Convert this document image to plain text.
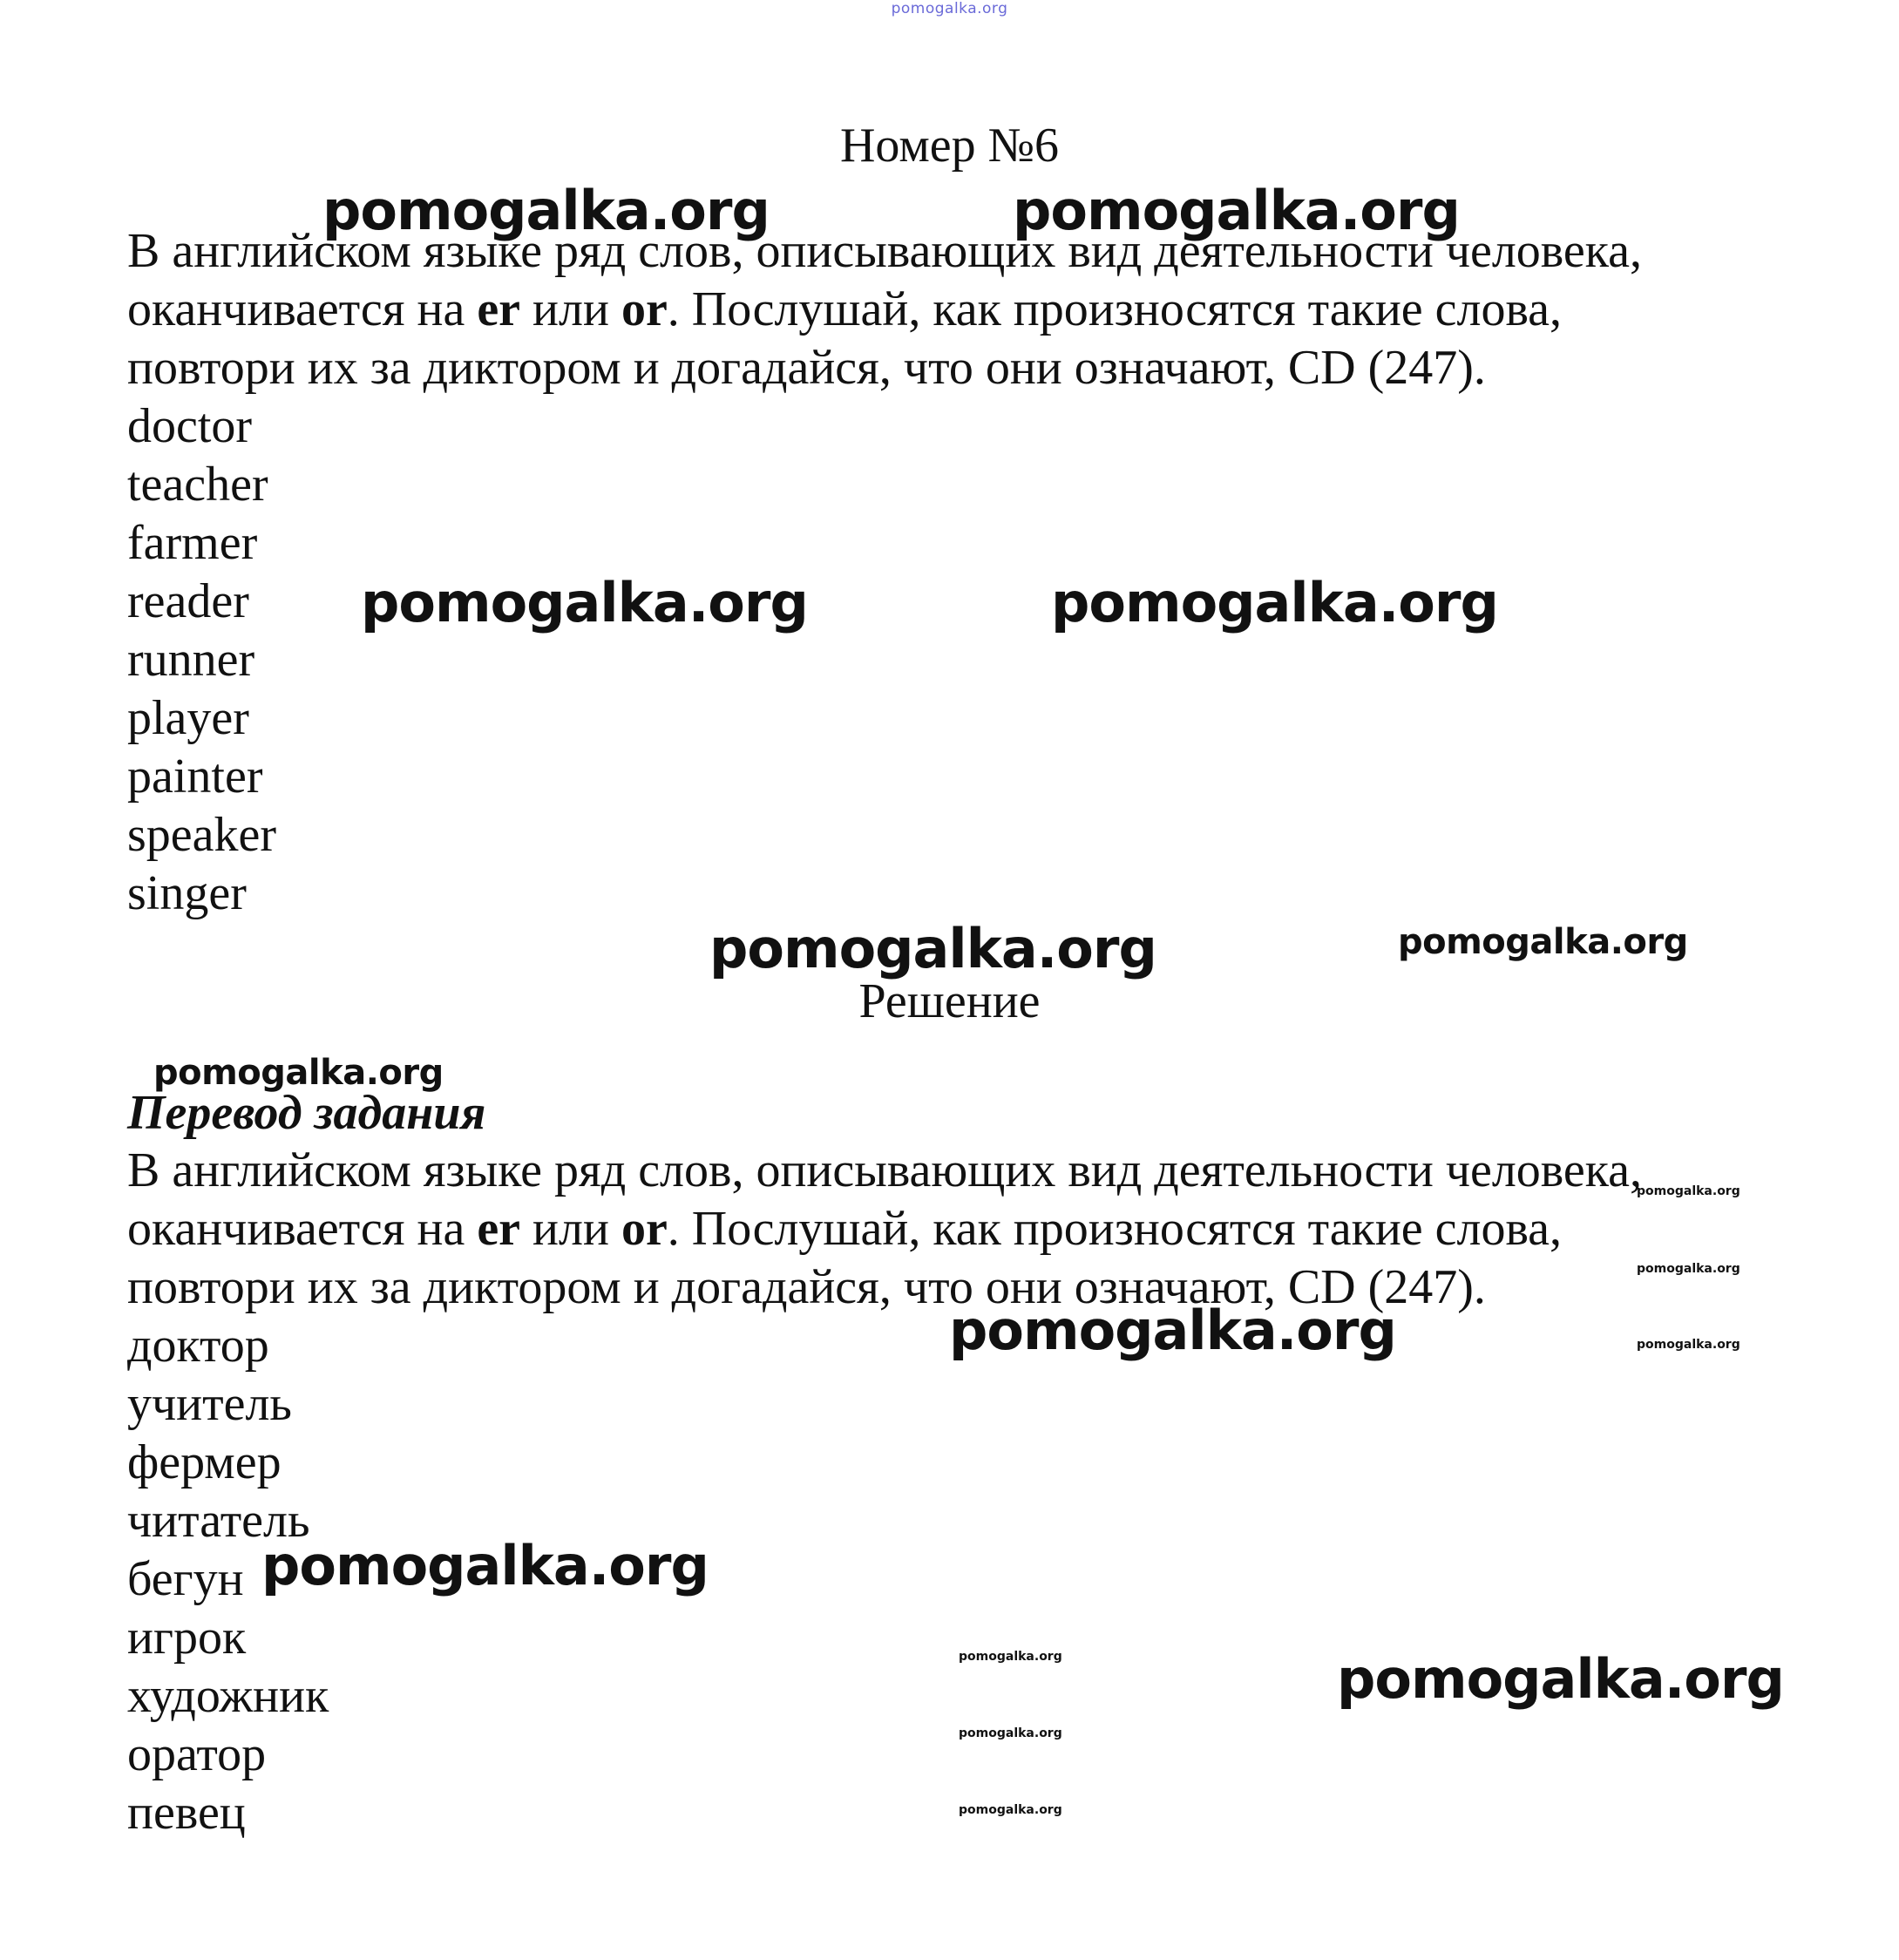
pomogalka.org
Номер №6

В английском языке ряд слов, описывающих вид деятельности человека,
оканчивается на er или or. Послушай, как произносятся такие слова,
повтори их за диктором и догадайся, что они означают, CD (247).

doctor
teacher
farmer
reader
runner
player
painter
speaker
singer
Решение
Перевод задания

В английском языке ряд слов, описывающих вид деятельности человека,
оканчивается на er или or. Послушай, как произносятся такие слова,
повтори их за диктором и догадайся, что они означают, CD (247).

доктор
учитель
фермер
читатель
бегун
игрок
художник
оратор
певец
pomogalka.org	pomogalka.org
pomogalka.org	pomogalka.org
pomogalka.org	pomogalka.org
pomogalka.org
pomogalka.org
pomogalka.org
pomogalka.org
pomogalka.org
pomogalka.org
pomogalka.org
pomogalka.org
pomogalka.org
pomogalka.org
